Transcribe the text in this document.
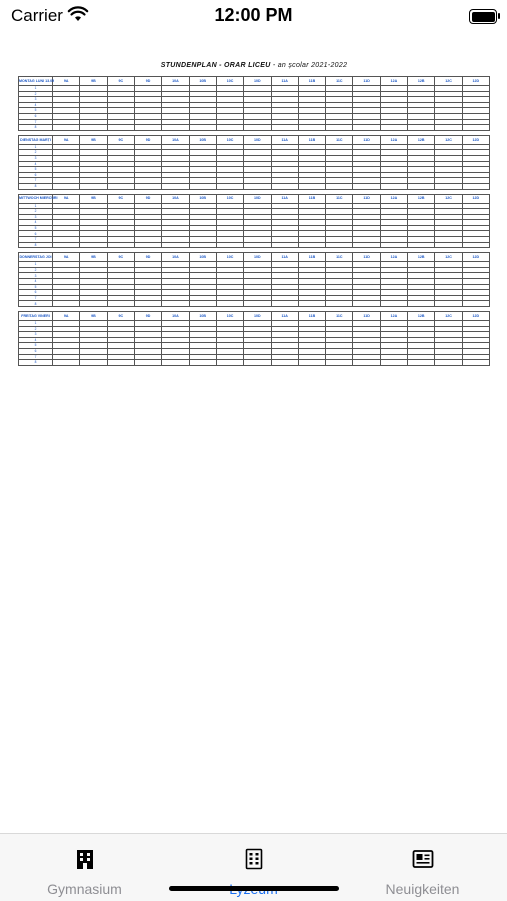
Carrier	12:00 PM
STUNDENPLAN - ORAR LICEU - an școlar 2021-2022
MONTAG LUNI 13.09	9A	9B	9C	9D	10A	10B	10C	10D	11A	11B	11C	11D	12A	12B	12C	12D
1																
2																
3																
4																
5																
6																
7																
8																
DIENSTAG MARȚI	9A	9B	9C	9D	10A	10B	10C	10D	11A	11B	11C	11D	12A	12B	12C	12D
1																
2																
3																
4																
5																
6																
7																
8																
MITTWOCH MIERCURI	9A	9B	9C	9D	10A	10B	10C	10D	11A	11B	11C	11D	12A	12B	12C	12D
1																
2																
3																
4																
5																
6																
7																
8																
DONNERSTAG JOI	9A	9B	9C	9D	10A	10B	10C	10D	11A	11B	11C	11D	12A	12B	12C	12D
1																
2																
3																
4																
5																
6																
7																
8																
FREITAG VINERI	9A	9B	9C	9D	10A	10B	10C	10D	11A	11B	11C	11D	12A	12B	12C	12D
1																
2																
3																
4																
5																
6																
7																
8																
Gymnasium	Neuigkeiten
